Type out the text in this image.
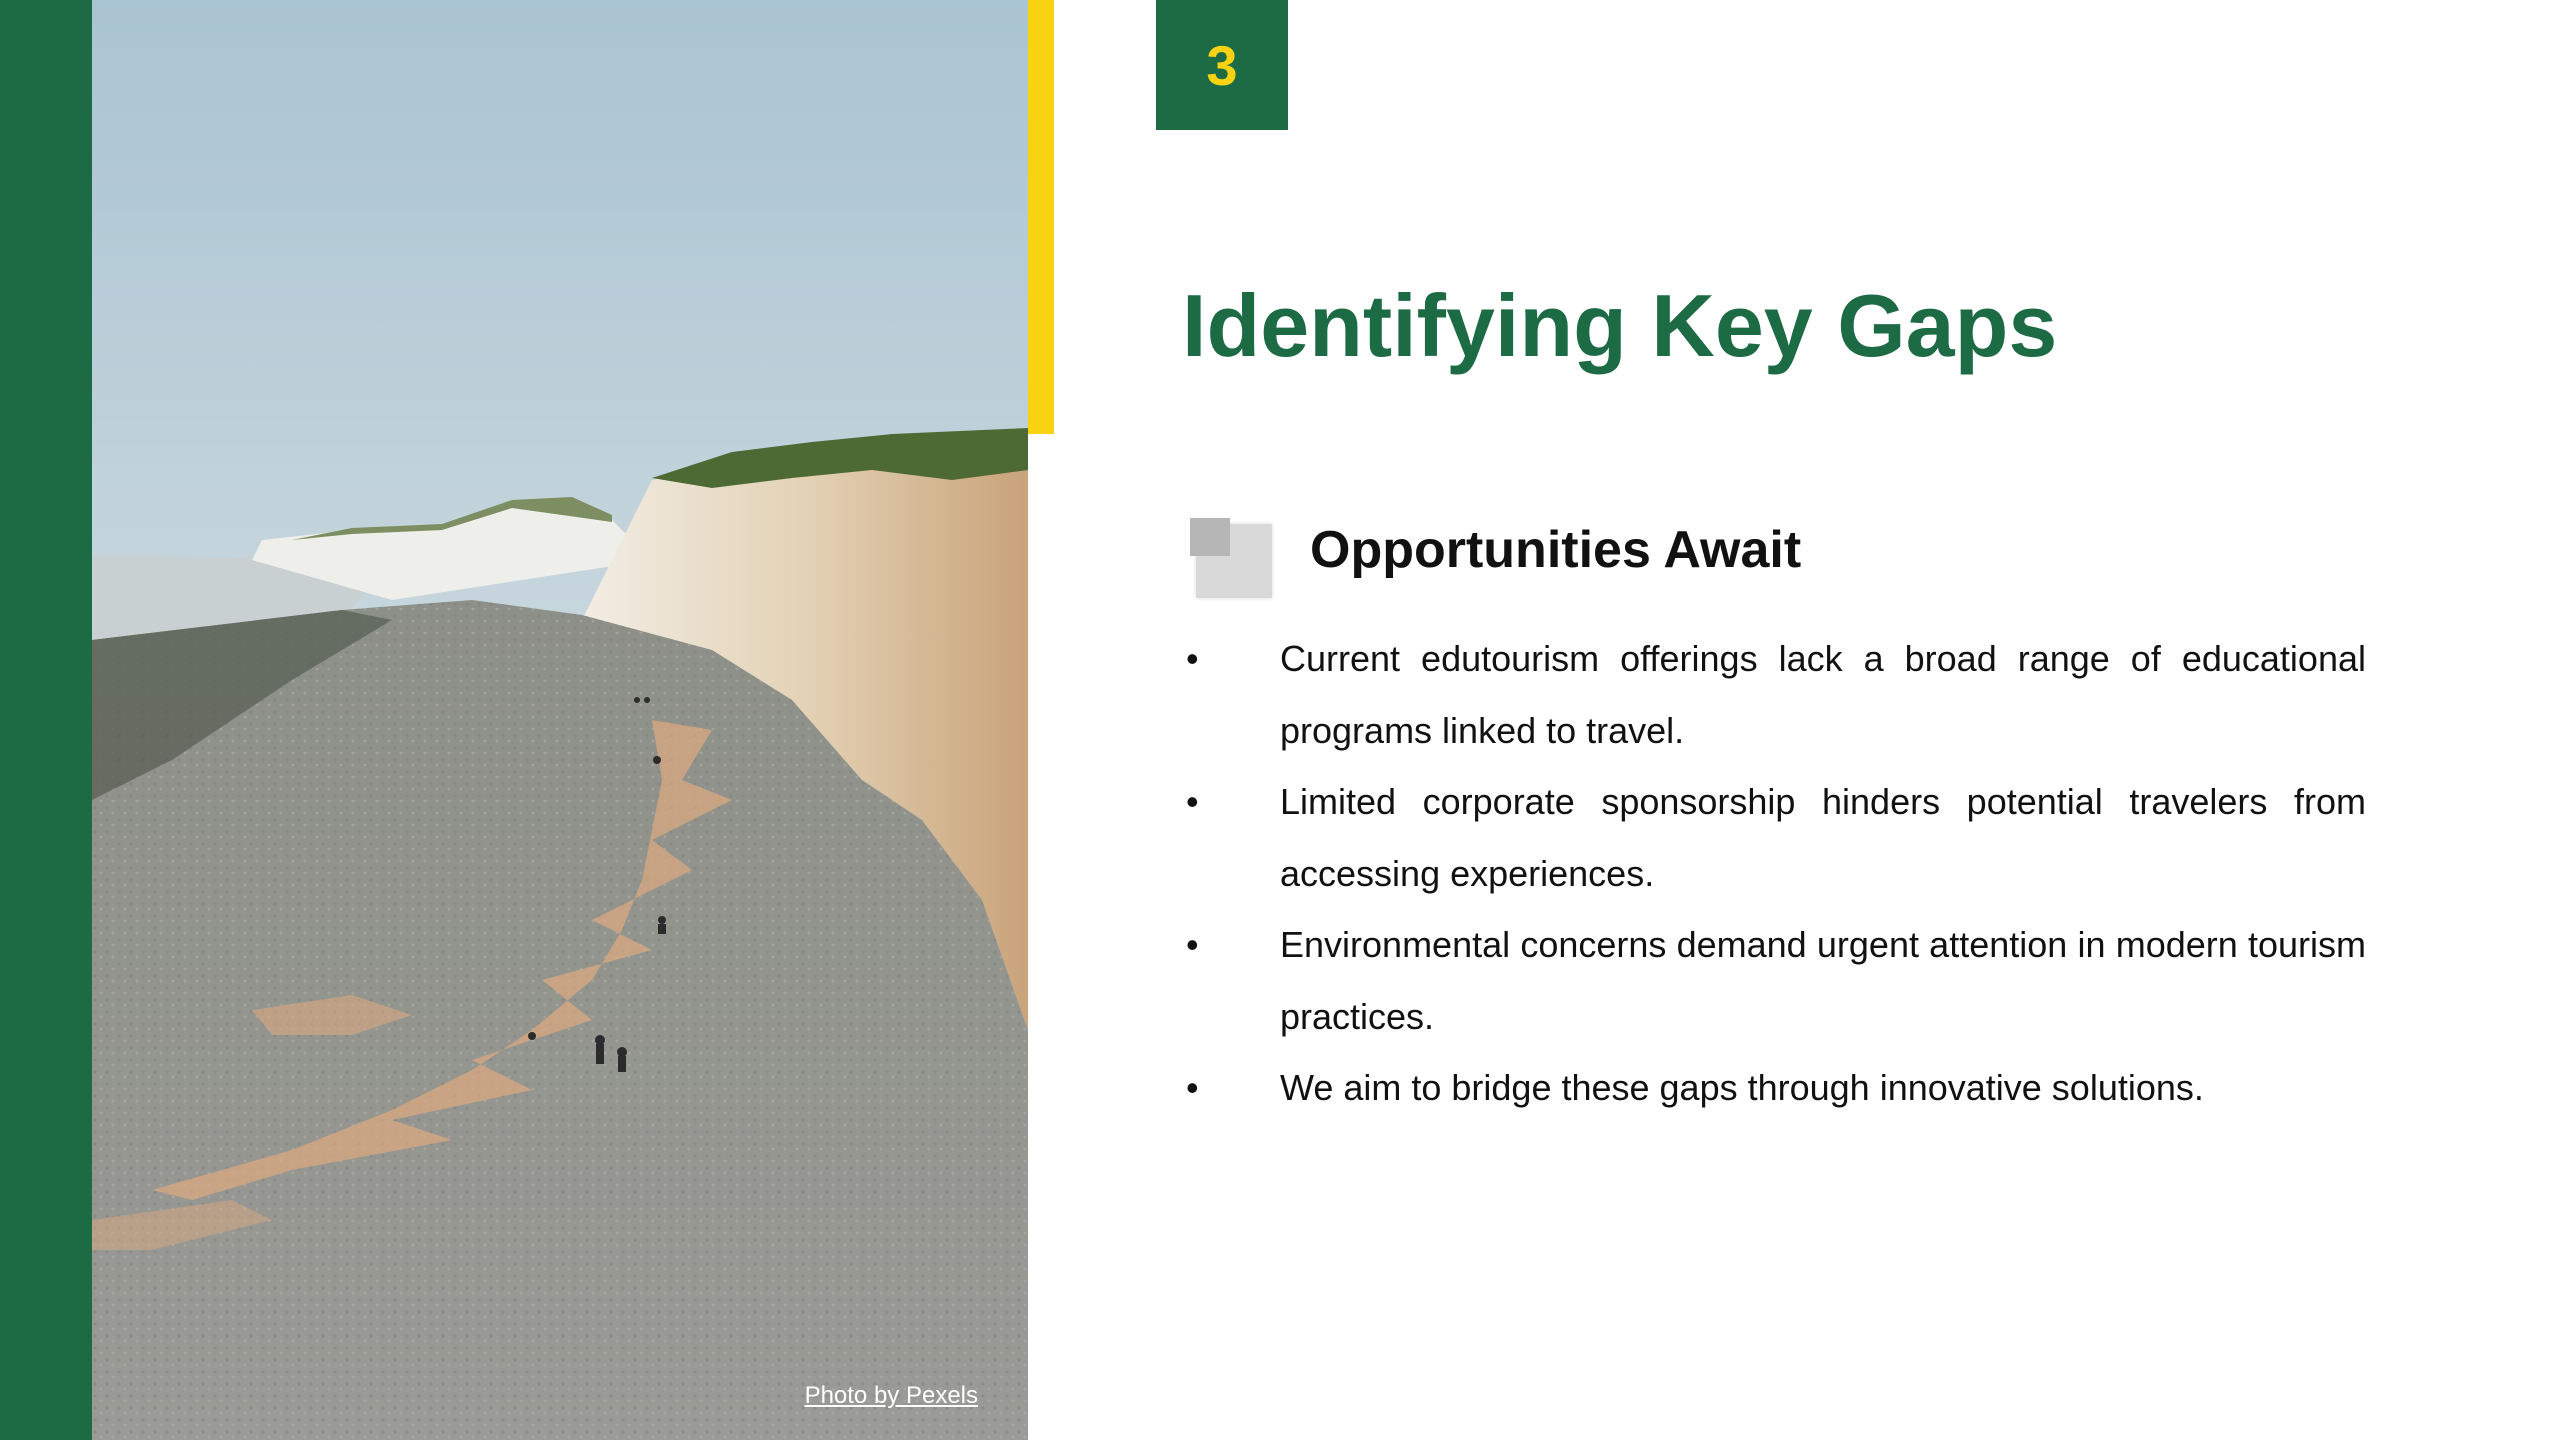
Photo by Pexels
3
Identifying Key Gaps
Opportunities Await
• Current edutourism offerings lack a broad range of educational programs linked to travel.
• Limited corporate sponsorship hinders potential travelers from accessing experiences.
• Environmental concerns demand urgent attention in modern tourism practices.
• We aim to bridge these gaps through innovative solutions.
